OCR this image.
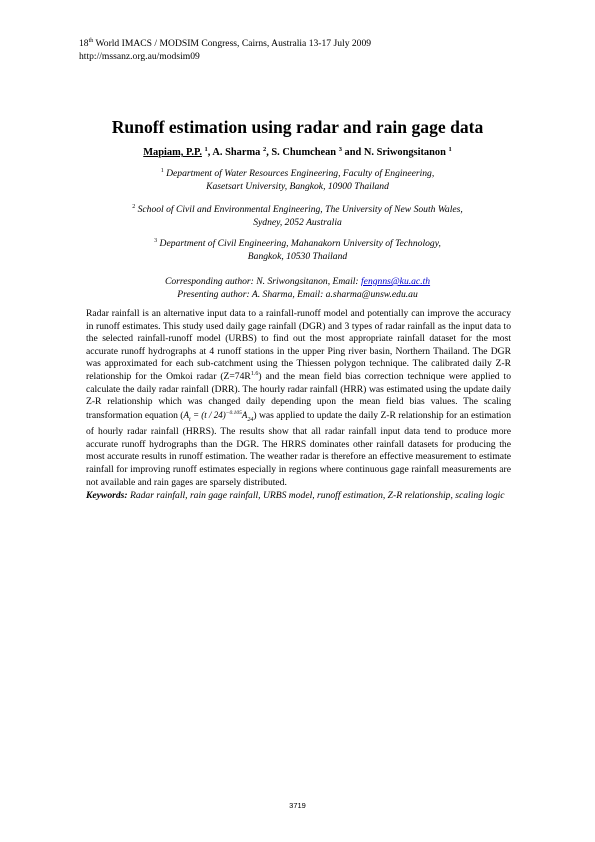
18th World IMACS / MODSIM Congress, Cairns, Australia 13-17 July 2009
http://mssanz.org.au/modsim09
Runoff estimation using radar and rain gage data
Mapiam, P.P. $^1$, A. Sharma $^2$, S. Chumchean $^3$ and N. Sriwongsitanon $^1$
$^1$ Department of Water Resources Engineering, Faculty of Engineering,
Kasetsart University, Bangkok, 10900 Thailand
$^2$ School of Civil and Environmental Engineering, The University of New South Wales,
Sydney, 2052 Australia
$^3$ Department of Civil Engineering, Mahanakorn University of Technology,
Bangkok, 10530 Thailand
Corresponding author: N. Sriwongsitanon, Email: fengnns@ku.ac.th
Presenting author: A. Sharma, Email: a.sharma@unsw.edu.au
Radar rainfall is an alternative input data to a rainfall-runoff model and potentially can improve the accuracy in runoff estimates. This study used daily gage rainfall (DGR) and 3 types of radar rainfall as the input data to the selected rainfall-runoff model (URBS) to find out the most appropriate rainfall dataset for the most accurate runoff hydrographs at 4 runoff stations in the upper Ping river basin, Northern Thailand. The DGR was approximated for each sub-catchment using the Thiessen polygon technique. The calibrated daily Z-R relationship for the Omkoi radar $(Z=74R^{1.6})$ and the mean field bias correction technique were applied to calculate the daily radar rainfall (DRR). The hourly radar rainfall (HRR) was estimated using the update daily Z-R relationship which was changed daily depending upon the mean field bias values. The scaling transformation equation $(A_t = (t / 24)^{-0.105}A_{24})$ was applied to update the daily Z-R relationship for an estimation of hourly radar rainfall (HRRS). The results show that all radar rainfall input data tend to produce more accurate runoff hydrographs than the DGR. The HRRS dominates other rainfall datasets for producing the most accurate results in runoff estimation. The weather radar is therefore an effective measurement to estimate rainfall for improving runoff estimates especially in regions where continuous gage rainfall measurements are not available and rain gages are sparsely distributed.
Keywords: Radar rainfall, rain gage rainfall, URBS model, runoff estimation, Z-R relationship, scaling logic
3719
